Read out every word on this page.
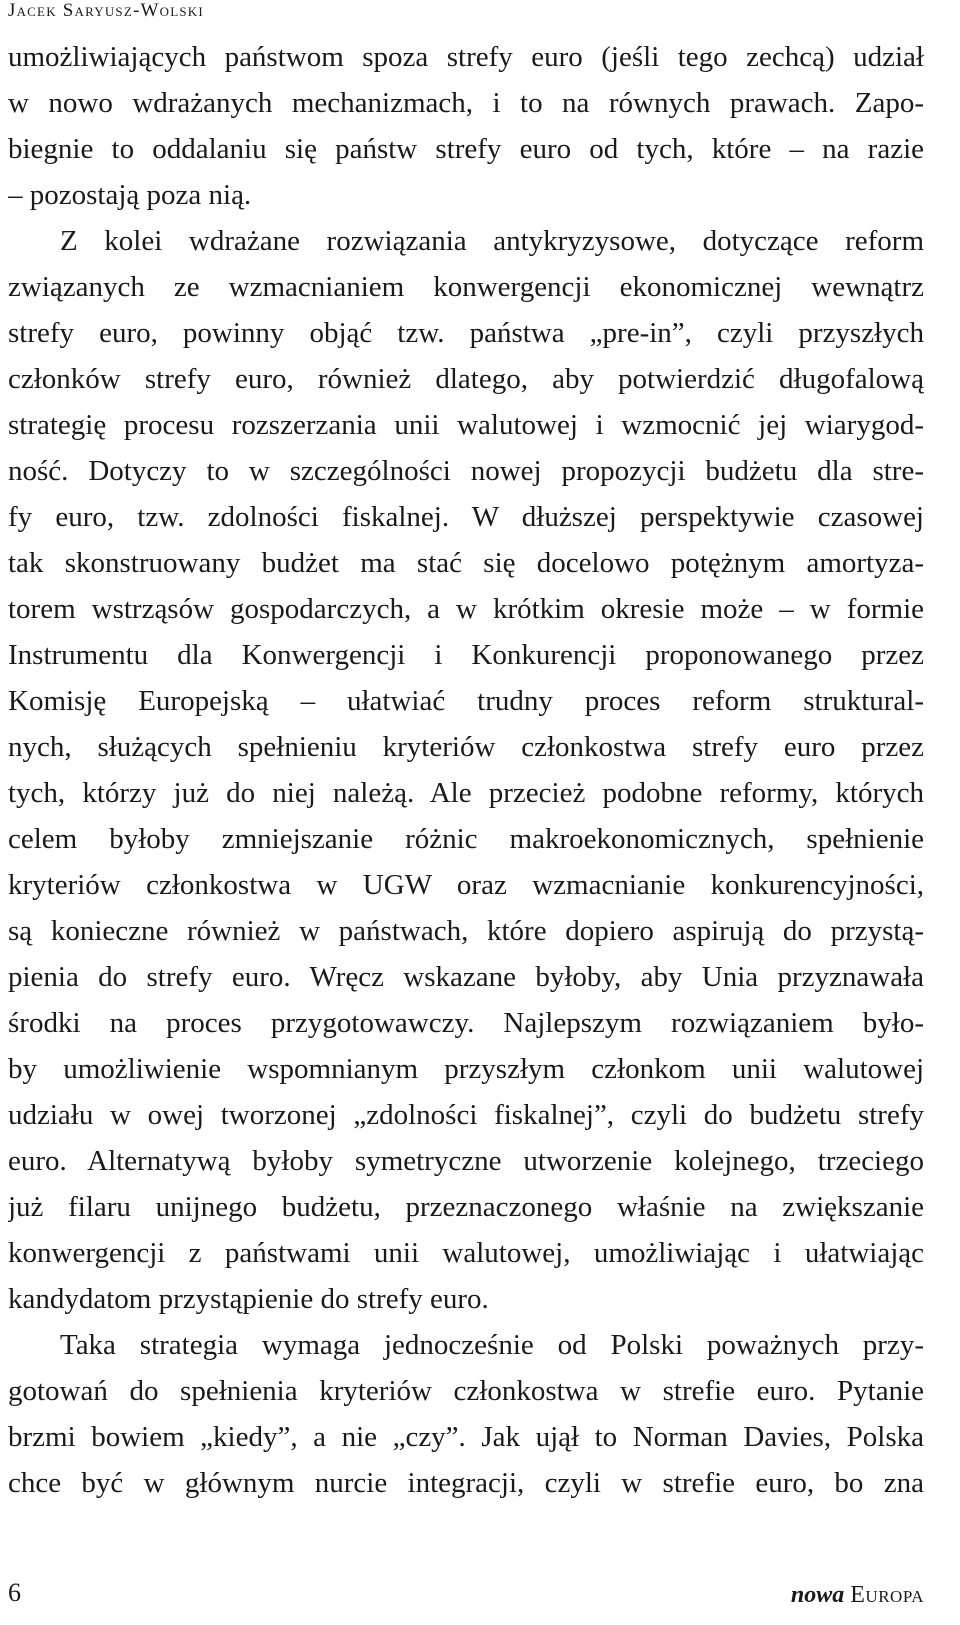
Jacek Saryusz-Wolski
umożliwiających państwom spoza strefy euro (jeśli tego zechcą) udział
w nowo wdrażanych mechanizmach, i to na równych prawach. Zapo-
biegnie to oddalaniu się państw strefy euro od tych, które – na razie
– pozostają poza nią.
Z kolei wdrażane rozwiązania antykryzysowe, dotyczące reform
związanych ze wzmacnianiem konwergencji ekonomicznej wewnątrz
strefy euro, powinny objąć tzw. państwa „pre-in”, czyli przyszłych
członków strefy euro, również dlatego, aby potwierdzić długofalową
strategię procesu rozszerzania unii walutowej i wzmocnić jej wiarygod-
ność. Dotyczy to w szczególności nowej propozycji budżetu dla stre-
fy euro, tzw. zdolności fiskalnej. W dłuższej perspektywie czasowej
tak skonstruowany budżet ma stać się docelowo potężnym amortyza-
torem wstrząsów gospodarczych, a w krótkim okresie może – w formie
Instrumentu dla Konwergencji i Konkurencji proponowanego przez
Komisję Europejską – ułatwiać trudny proces reform struktural-
nych, służących spełnieniu kryteriów członkostwa strefy euro przez
tych, którzy już do niej należą. Ale przecież podobne reformy, których
celem byłoby zmniejszanie różnic makroekonomicznych, spełnienie
kryteriów członkostwa w UGW oraz wzmacnianie konkurencyjności,
są konieczne również w państwach, które dopiero aspirują do przystą-
pienia do strefy euro. Wręcz wskazane byłoby, aby Unia przyznawała
środki na proces przygotowawczy. Najlepszym rozwiązaniem było-
by umożliwienie wspomnianym przyszłym członkom unii walutowej
udziału w owej tworzonej „zdolności fiskalnej”, czyli do budżetu strefy
euro. Alternatywą byłoby symetryczne utworzenie kolejnego, trzeciego
już filaru unijnego budżetu, przeznaczonego właśnie na zwiększanie
konwergencji z państwami unii walutowej, umożliwiając i ułatwiając
kandydatom przystąpienie do strefy euro.
Taka strategia wymaga jednocześnie od Polski poważnych przy-
gotowań do spełnienia kryteriów członkostwa w strefie euro. Pytanie
brzmi bowiem „kiedy”, a nie „czy”. Jak ujął to Norman Davies, Polska
chce być w głównym nurcie integracji, czyli w strefie euro, bo zna
6	nowa Europa
